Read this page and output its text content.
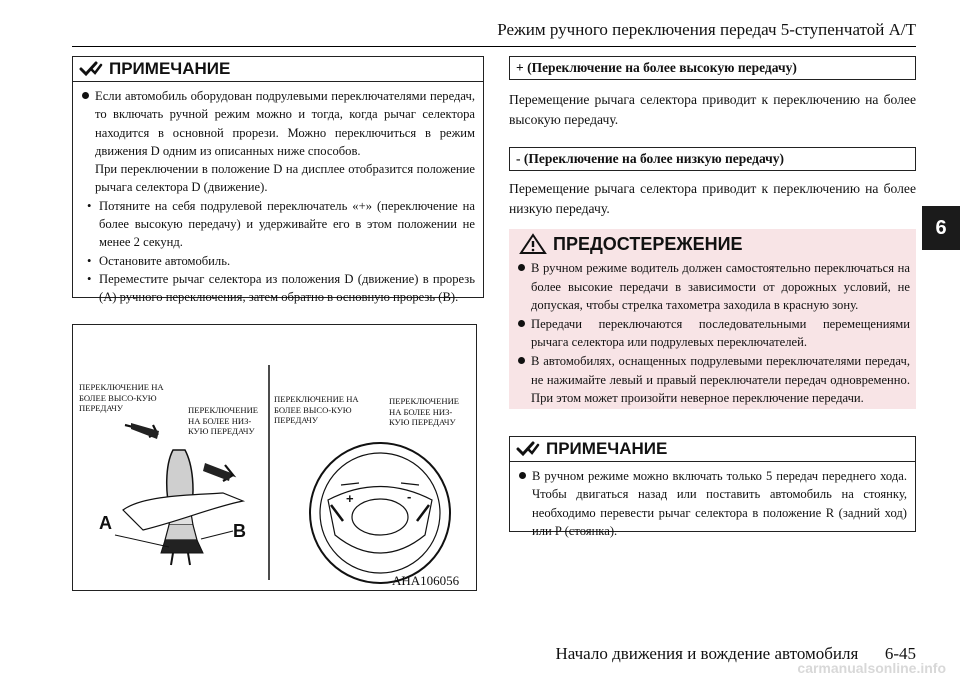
Режим ручного переключения передач 5-ступенчатой А/Т
6
ПРИМЕЧАНИЕ
Если автомобиль оборудован подрулевыми переключателями передач, то включать ручной режим можно и тогда, когда рычаг селектора находится в основной прорези. Можно переключиться в режим движения D одним из описанных ниже способов.
При переключении в положение D на дисплее отобразится положение рычага селектора D (движение).
• Потяните на себя подрулевой переключатель «+» (переключение на более высокую передачу) и удерживайте его в этом положении не менее 2 секунд.
• Остановите автомобиль.
• Переместите рычаг селектора из положения D (движение) в прорезь (A) ручного переключения, затем обратно в основную прорезь (B).
ПЕРЕКЛЮЧЕНИЕ НА БОЛЕЕ ВЫСО-КУЮ ПЕРЕДАЧУ	ПЕРЕКЛЮЧЕНИЕ НА БОЛЕЕ НИЗ-КУЮ ПЕРЕДАЧУ
ПЕРЕКЛЮЧЕНИЕ НА БОЛЕЕ ВЫСО-КУЮ ПЕРЕДАЧУ
ПЕРЕКЛЮЧЕНИЕ НА БОЛЕЕ НИЗ-КУЮ ПЕРЕДАЧУ
A	B
+	-
AHA106056
+ (Переключение на более высокую передачу)
Перемещение рычага селектора приводит к переключению на более высокую передачу.
- (Переключение на более низкую передачу)
Перемещение рычага селектора приводит к переключению на более низкую передачу.
ПРЕДОСТЕРЕЖЕНИЕ
В ручном режиме водитель должен самостоятельно переключаться на более высокие передачи в зависимости от дорожных условий, не допуская, чтобы стрелка тахометра заходила в красную зону.
Передачи переключаются последовательными перемещениями рычага селектора или подрулевых переключателей.
В автомобилях, оснащенных подрулевыми переключателями передач, не нажимайте левый и правый переключатели передач одновременно. При этом может произойти неверное переключение передачи.
ПРИМЕЧАНИЕ
В ручном режиме можно включать только 5 передач переднего хода. Чтобы двигаться назад или поставить автомобиль на стоянку, необходимо перевести рычаг селектора в положение R (задний ход) или P (стоянка).
Начало движения и вождение автомобиля 6-45
carmanualsonline.info
